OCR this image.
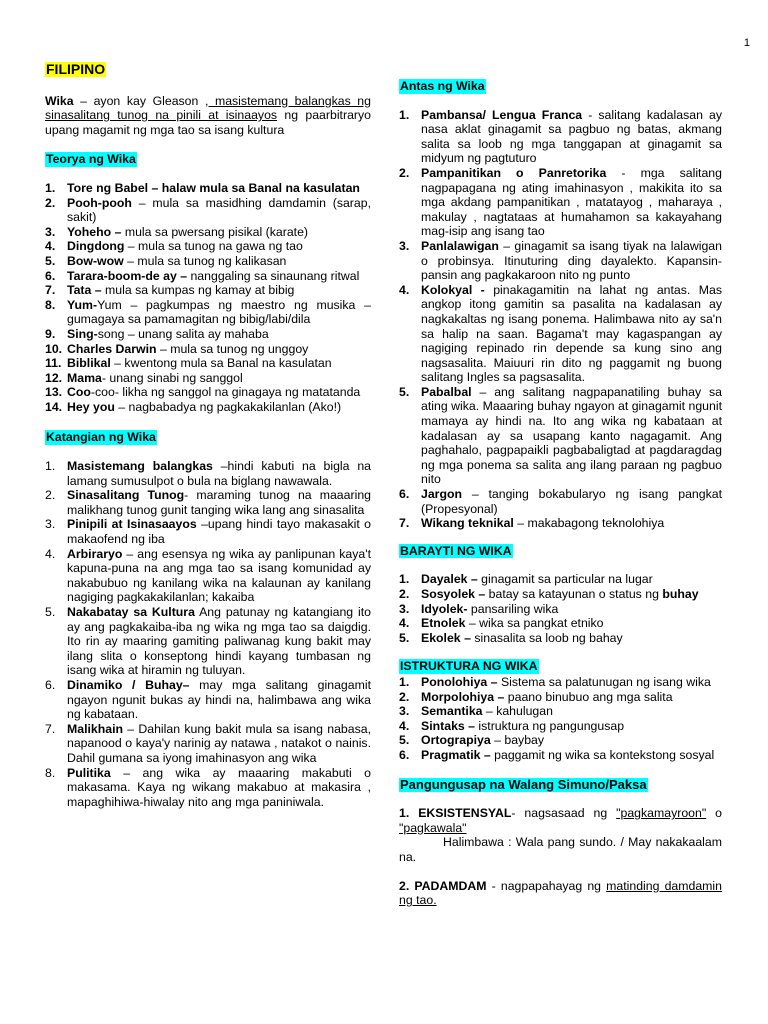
1
FILIPINO

Wika – ayon kay Gleason , masistemang balangkas ng sinasalitang tunog na pinili at isinaayos ng paarbitraryo upang magamit ng mga tao sa isang kultura

Teorya ng Wika
1. Tore ng Babel – halaw mula sa Banal na kasulatan
2. Pooh-pooh – mula sa masidhing damdamin (sarap, sakit)
3. Yoheho – mula sa pwersang pisikal (karate)
4. Dingdong – mula sa tunog na gawa ng tao
5. Bow-wow – mula sa tunog ng kalikasan
6. Tarara-boom-de ay – nanggaling sa sinaunang ritwal
7. Tata – mula sa kumpas ng kamay at bibig
8. Yum-Yum – pagkumpas ng maestro ng musika – gumagaya sa pamamagitan ng bibig/labi/dila
9. Sing-song – unang salita ay mahaba
10. Charles Darwin – mula sa tunog ng unggoy
11. Biblikal – kwentong mula sa Banal na kasulatan
12. Mama- unang sinabi ng sanggol
13. Coo-coo- likha ng sanggol na ginagaya ng matatanda
14. Hey you – nagbabadya ng pagkakakilanlan (Ako!)
Katangian ng Wika
1. Masistemang balangkas –hindi kabuti na bigla na lamang sumusulpot o bula na biglang nawawala.
2. Sinasalitang Tunog- maraming tunog na maaaring malikhang tunog gunit tanging wika lang ang sinasalita
3. Pinipili at Isinasaayos –upang hindi tayo makasakit o makaofend ng iba
4. Arbiraryo – ang esensya ng wika ay panlipunan kaya't kapuna-puna na ang mga tao sa isang komunidad ay nakabubuo ng kanilang wika na kalaunan ay kanilang nagiging pagkakakilanlan; kakaiba
5. Nakabatay sa Kultura Ang patunay ng katangiang ito ay ang pagkakaiba-iba ng wika ng mga tao sa daigdig. Ito rin ay maaring gamiting paliwanag kung bakit may ilang slita o konseptong hindi kayang tumbasan ng isang wika at hiramin ng tuluyan.
6. Dinamiko / Buhay– may mga salitang ginagamit ngayon ngunit bukas ay hindi na, halimbawa ang wika ng kabataan.
7. Malikhain – Dahilan kung bakit mula sa isang nabasa, napanood o kaya'y narinig ay natawa , natakot o nainis. Dahil gumana sa iyong imahinasyon ang wika
8. Pulitika – ang wika ay maaaring makabuti o makasama. Kaya ng wikang makabuo at makasira , mapaghihiwa-hiwalay nito ang mga paniniwala.
Antas ng Wika
1. Pambansa/ Lengua Franca - salitang kadalasan ay nasa aklat ginagamit sa pagbuo ng batas, akmang salita sa loob ng mga tanggapan at ginagamit sa midyum ng pagtuturo
2. Pampanitikan o Panretorika - mga salitang nagpapagana ng ating imahinasyon , makikita ito sa mga akdang pampanitikan , matatayog , maharaya , makulay , nagtataas at humahamon sa kakayahang mag-isip ang isang tao
3. Panlalawigan – ginagamit sa isang tiyak na lalawigan o probinsya. Itinuturing ding dayalekto. Kapansin-pansin ang pagkakaroon nito ng punto
4. Kolokyal - pinakagamitin na lahat ng antas. Mas angkop itong gamitin sa pasalita na kadalasan ay nagkakaltas ng isang ponema. Halimbawa nito ay sa'n sa halip na saan. Bagama't may kagaspangan ay nagiging repinado rin depende sa kung sino ang nagsasalita. Maiuuri rin dito ng paggamit ng buong salitang Ingles sa pagsasalita.
5. Pabalbal – ang salitang nagpapanatiling buhay sa ating wika. Maaaring buhay ngayon at ginagamit ngunit mamaya ay hindi na. Ito ang wika ng kabataan at kadalasan ay sa usapang kanto nagagamit. Ang paghahalo, pagpapaikli pagbabaligtad at pagdaragdag ng mga ponema sa salita ang ilang paraan ng pagbuo nito
6. Jargon – tanging bokabularyo ng isang pangkat (Propesyonal)
7. Wikang teknikal – makabagong teknolohiya
BARAYTI NG WIKA
1. Dayalek – ginagamit sa particular na lugar
2. Sosyolek – batay sa katayunan o status ng buhay
3. Idyolek- pansariling wika
4. Etnolek – wika sa pangkat etniko
5. Ekolek – sinasalita sa loob ng bahay
ISTRUKTURA NG WIKA
1. Ponolohiya – Sistema sa palatunugan ng isang wika
2. Morpolohiya – paano binubuo ang mga salita
3. Semantika – kahulugan
4. Sintaks – istruktura ng pangungusap
5. Ortograpiya – baybay
6. Pragmatik – paggamit ng wika sa kontekstong sosyal
Pangungusap na Walang Simuno/Paksa

1. EKSISTENSYAL- nagsasaad ng "pagkamayroon" o "pagkawala"

Halimbawa : Wala pang sundo. / May nakakaalam na.

2. PADAMDAM - nagpapahayag ng matinding damdamin ng tao.
